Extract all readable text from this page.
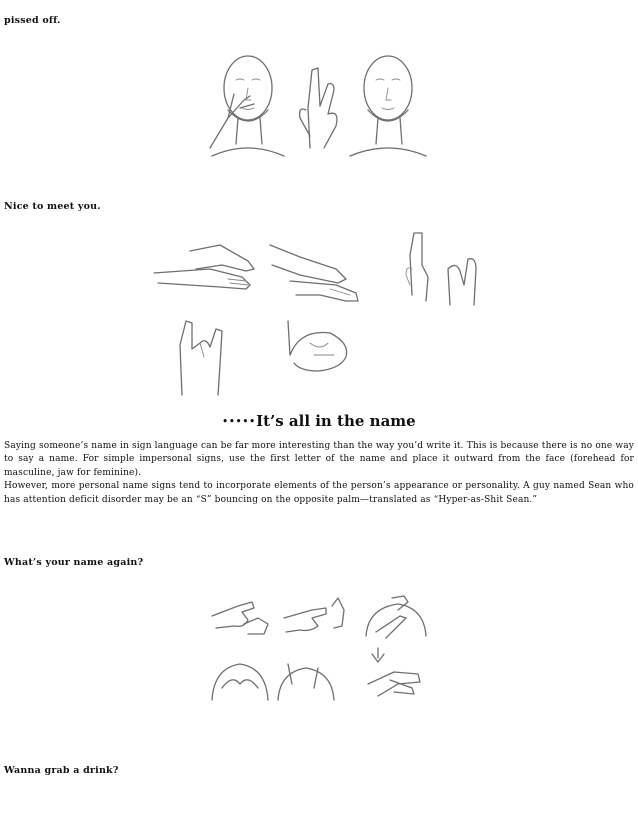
pissed off.
Nice to meet you.
•••••It’s all in the name

Saying someone’s name in sign language can be far more interesting than the way you’d write it. This is because there is no one way to say a name. For simple impersonal signs, use the first letter of the name and place it outward from the face (forehead for masculine, jaw for feminine).

However, more personal name signs tend to incorporate elements of the person’s appearance or personality. A guy named Sean who has attention deficit disorder may be an “S” bouncing on the opposite palm—translated as “Hyper-as-Shit Sean.”

What’s your name again?
Wanna grab a drink?
